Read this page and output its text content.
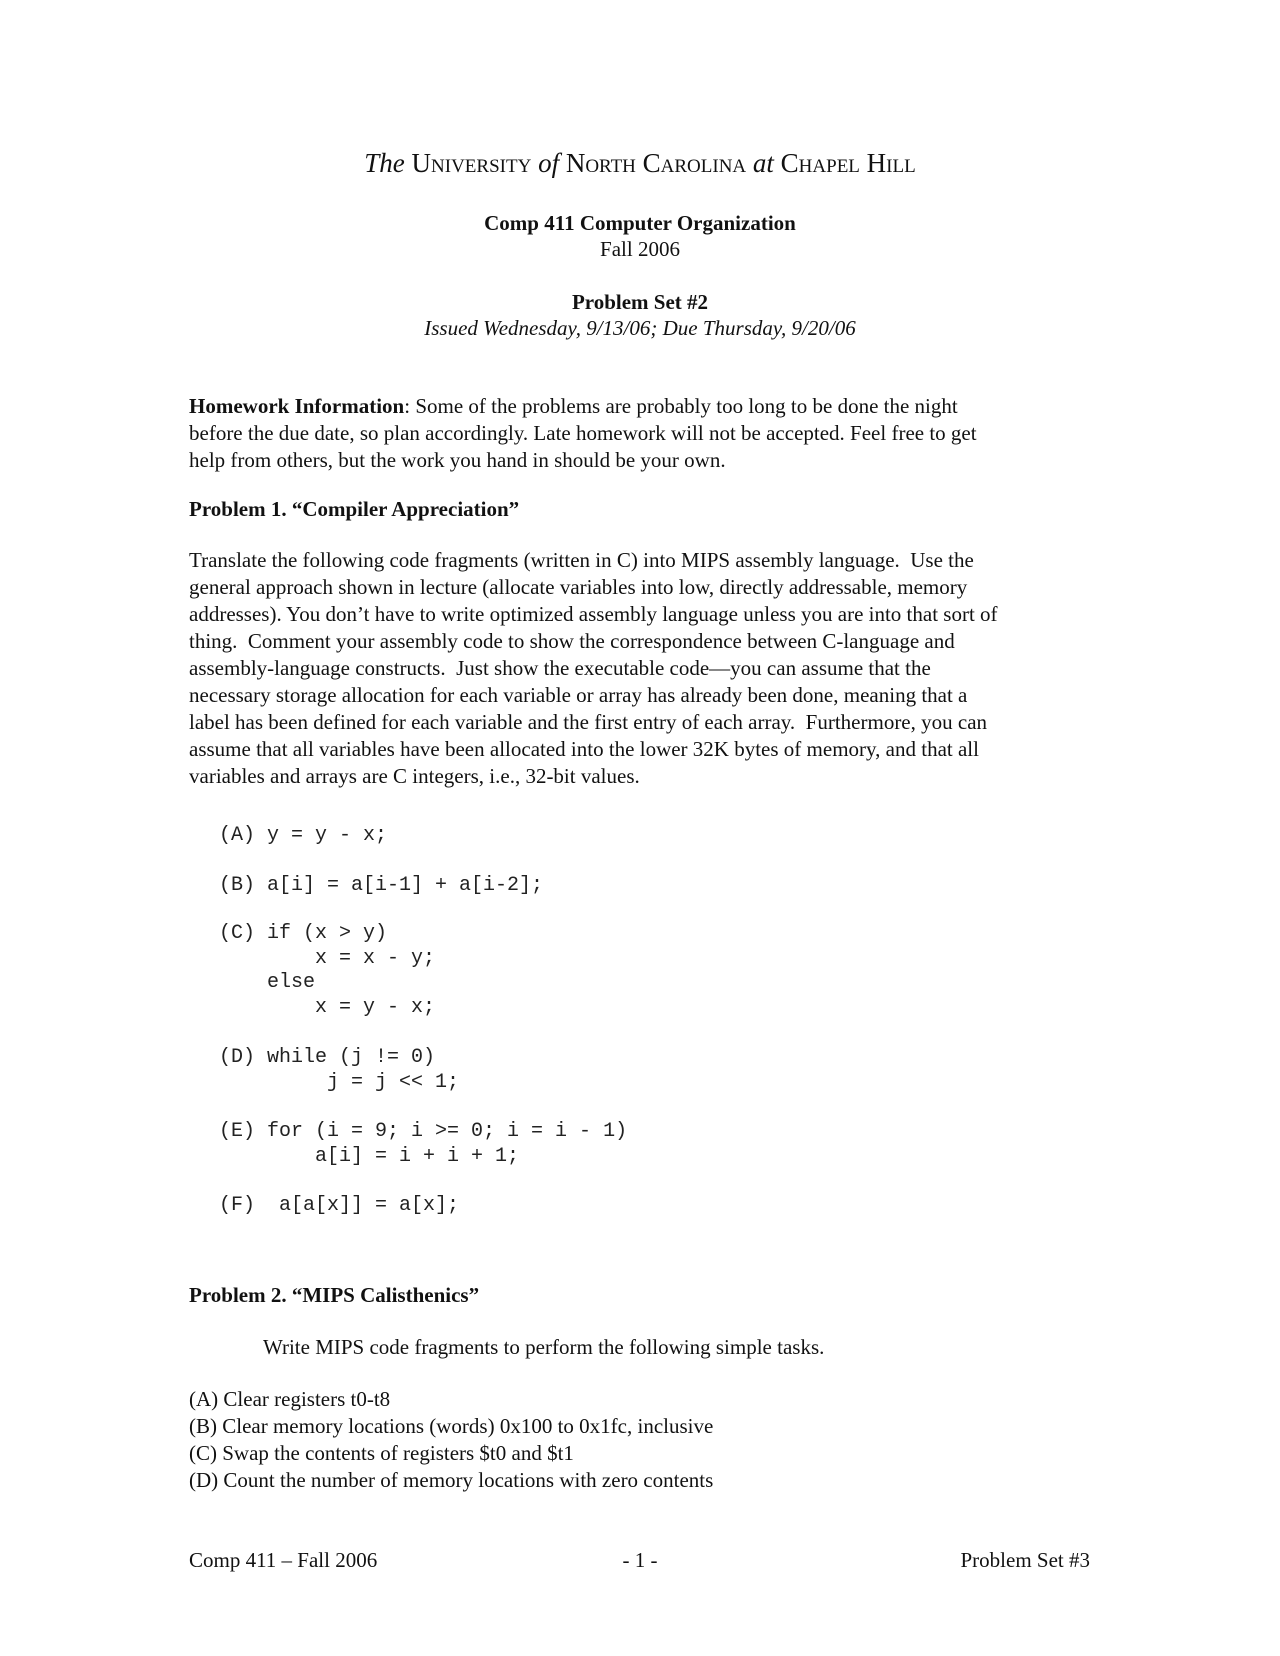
The University of North Carolina at Chapel Hill
Comp 411 Computer Organization
Fall 2006
Problem Set #2
Issued Wednesday, 9/13/06; Due Thursday, 9/20/06
Homework Information: Some of the problems are probably too long to be done the night
before the due date, so plan accordingly. Late homework will not be accepted. Feel free to get
help from others, but the work you hand in should be your own.
Problem 1. “Compiler Appreciation”
Translate the following code fragments (written in C) into MIPS assembly language.  Use the
general approach shown in lecture (allocate variables into low, directly addressable, memory
addresses). You don’t have to write optimized assembly language unless you are into that sort of
thing.  Comment your assembly code to show the correspondence between C-language and
assembly-language constructs.  Just show the executable code—you can assume that the
necessary storage allocation for each variable or array has already been done, meaning that a
label has been defined for each variable and the first entry of each array.  Furthermore, you can
assume that all variables have been allocated into the lower 32K bytes of memory, and that all
variables and arrays are C integers, i.e., 32-bit values.
(A) y = y - x;
(B) a[i] = a[i-1] + a[i-2];
(C) if (x > y)
x = x - y;
else
x = y - x;
(D) while (j != 0)
j = j << 1;
(E) for (i = 9; i >= 0; i = i - 1)
a[i] = i + i + 1;
(F)  a[a[x]] = a[x];
Problem 2. “MIPS Calisthenics”
Write MIPS code fragments to perform the following simple tasks.
(A) Clear registers t0-t8
(B) Clear memory locations (words) 0x100 to 0x1fc, inclusive
(C) Swap the contents of registers $t0 and $t1
(D) Count the number of memory locations with zero contents
Comp 411 – Fall 2006	- 1 -	Problem Set #3
